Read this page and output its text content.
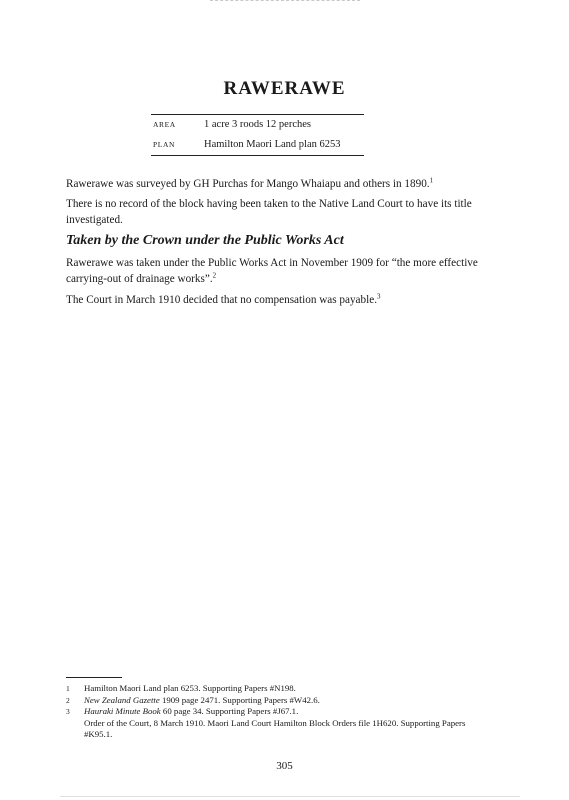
RAWERAWE
AREA	1 acre 3 roods 12 perches
PLAN	Hamilton Maori Land plan 6253

Rawerawe was surveyed by GH Purchas for Mango Whaiapu and others in 1890.$^1$

There is no record of the block having been taken to the Native Land Court to have its title investigated.

Taken by the Crown under the Public Works Act

Rawerawe was taken under the Public Works Act in November 1909 for “the more effective carrying-out of drainage works”.$^2$

The Court in March 1910 decided that no compensation was payable.$^3$

1	Hamilton Maori Land plan 6253. Supporting Papers #N198.
2	New Zealand Gazette 1909 page 2471. Supporting Papers #W42.6.
3	Hauraki Minute Book 60 page 34. Supporting Papers #J67.1.
Order of the Court, 8 March 1910. Maori Land Court Hamilton Block Orders file 1H620. Supporting Papers #K95.1.

305
